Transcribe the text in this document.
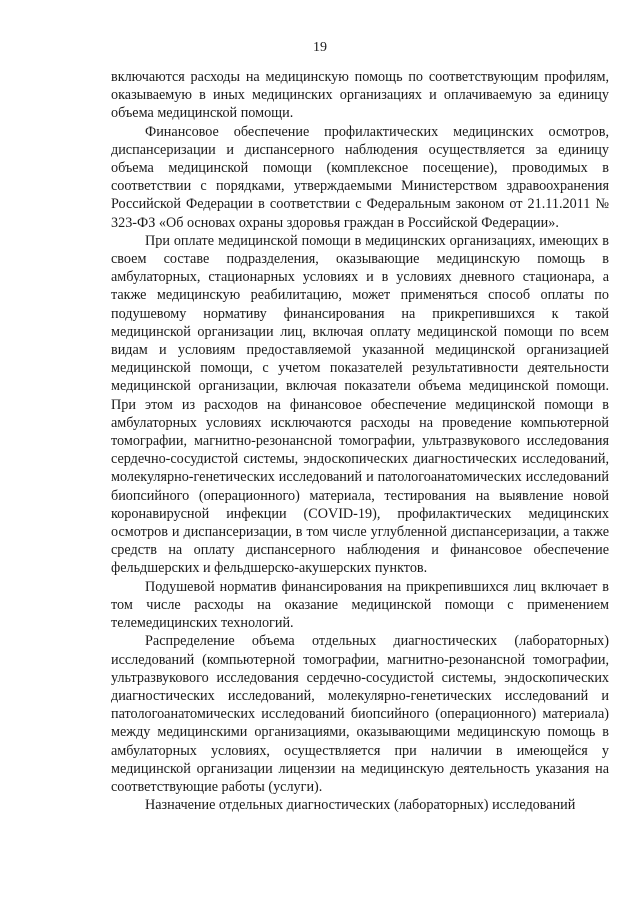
19

включаются расходы на медицинскую помощь по соответствующим профилям, оказываемую в иных медицинских организациях и оплачиваемую за единицу объема медицинской помощи.

Финансовое обеспечение профилактических медицинских осмотров, диспансеризации и диспансерного наблюдения осуществляется за единицу объема медицинской помощи (комплексное посещение), проводимых в соответствии с порядками, утверждаемыми Министерством здравоохранения Российской Федерации в соответствии с Федеральным законом от 21.11.2011 № 323-ФЗ «Об основах охраны здоровья граждан в Российской Федерации».

При оплате медицинской помощи в медицинских организациях, имеющих в своем составе подразделения, оказывающие медицинскую помощь в амбулаторных, стационарных условиях и в условиях дневного стационара, а также медицинскую реабилитацию, может применяться способ оплаты по подушевому нормативу финансирования на прикрепившихся к такой медицинской организации лиц, включая оплату медицинской помощи по всем видам и условиям предоставляемой указанной медицинской организацией медицинской помощи, с учетом показателей результативности деятельности медицинской организации, включая показатели объема медицинской помощи. При этом из расходов на финансовое обеспечение медицинской помощи в амбулаторных условиях исключаются расходы на проведение компьютерной томографии, магнитно-резонансной томографии, ультразвукового исследования сердечно-сосудистой системы, эндоскопических диагностических исследований, молекулярно-генетических исследований и патологоанатомических исследований биопсийного (операционного) материала, тестирования на выявление новой коронавирусной инфекции (COVID-19), профилактических медицинских осмотров и диспансеризации, в том числе углубленной диспансеризации, а также средств на оплату диспансерного наблюдения и финансовое обеспечение фельдшерских и фельдшерско-акушерских пунктов.

Подушевой норматив финансирования на прикрепившихся лиц включает в том числе расходы на оказание медицинской помощи с применением телемедицинских технологий.

Распределение объема отдельных диагностических (лабораторных) исследований (компьютерной томографии, магнитно-резонансной томографии, ультразвукового исследования сердечно-сосудистой системы, эндоскопических диагностических исследований, молекулярно-генетических исследований и патологоанатомических исследований биопсийного (операционного) материала) между медицинскими организациями, оказывающими медицинскую помощь в амбулаторных условиях, осуществляется при наличии в имеющейся у медицинской организации лицензии на медицинскую деятельность указания на соответствующие работы (услуги).

Назначение отдельных диагностических (лабораторных) исследований
